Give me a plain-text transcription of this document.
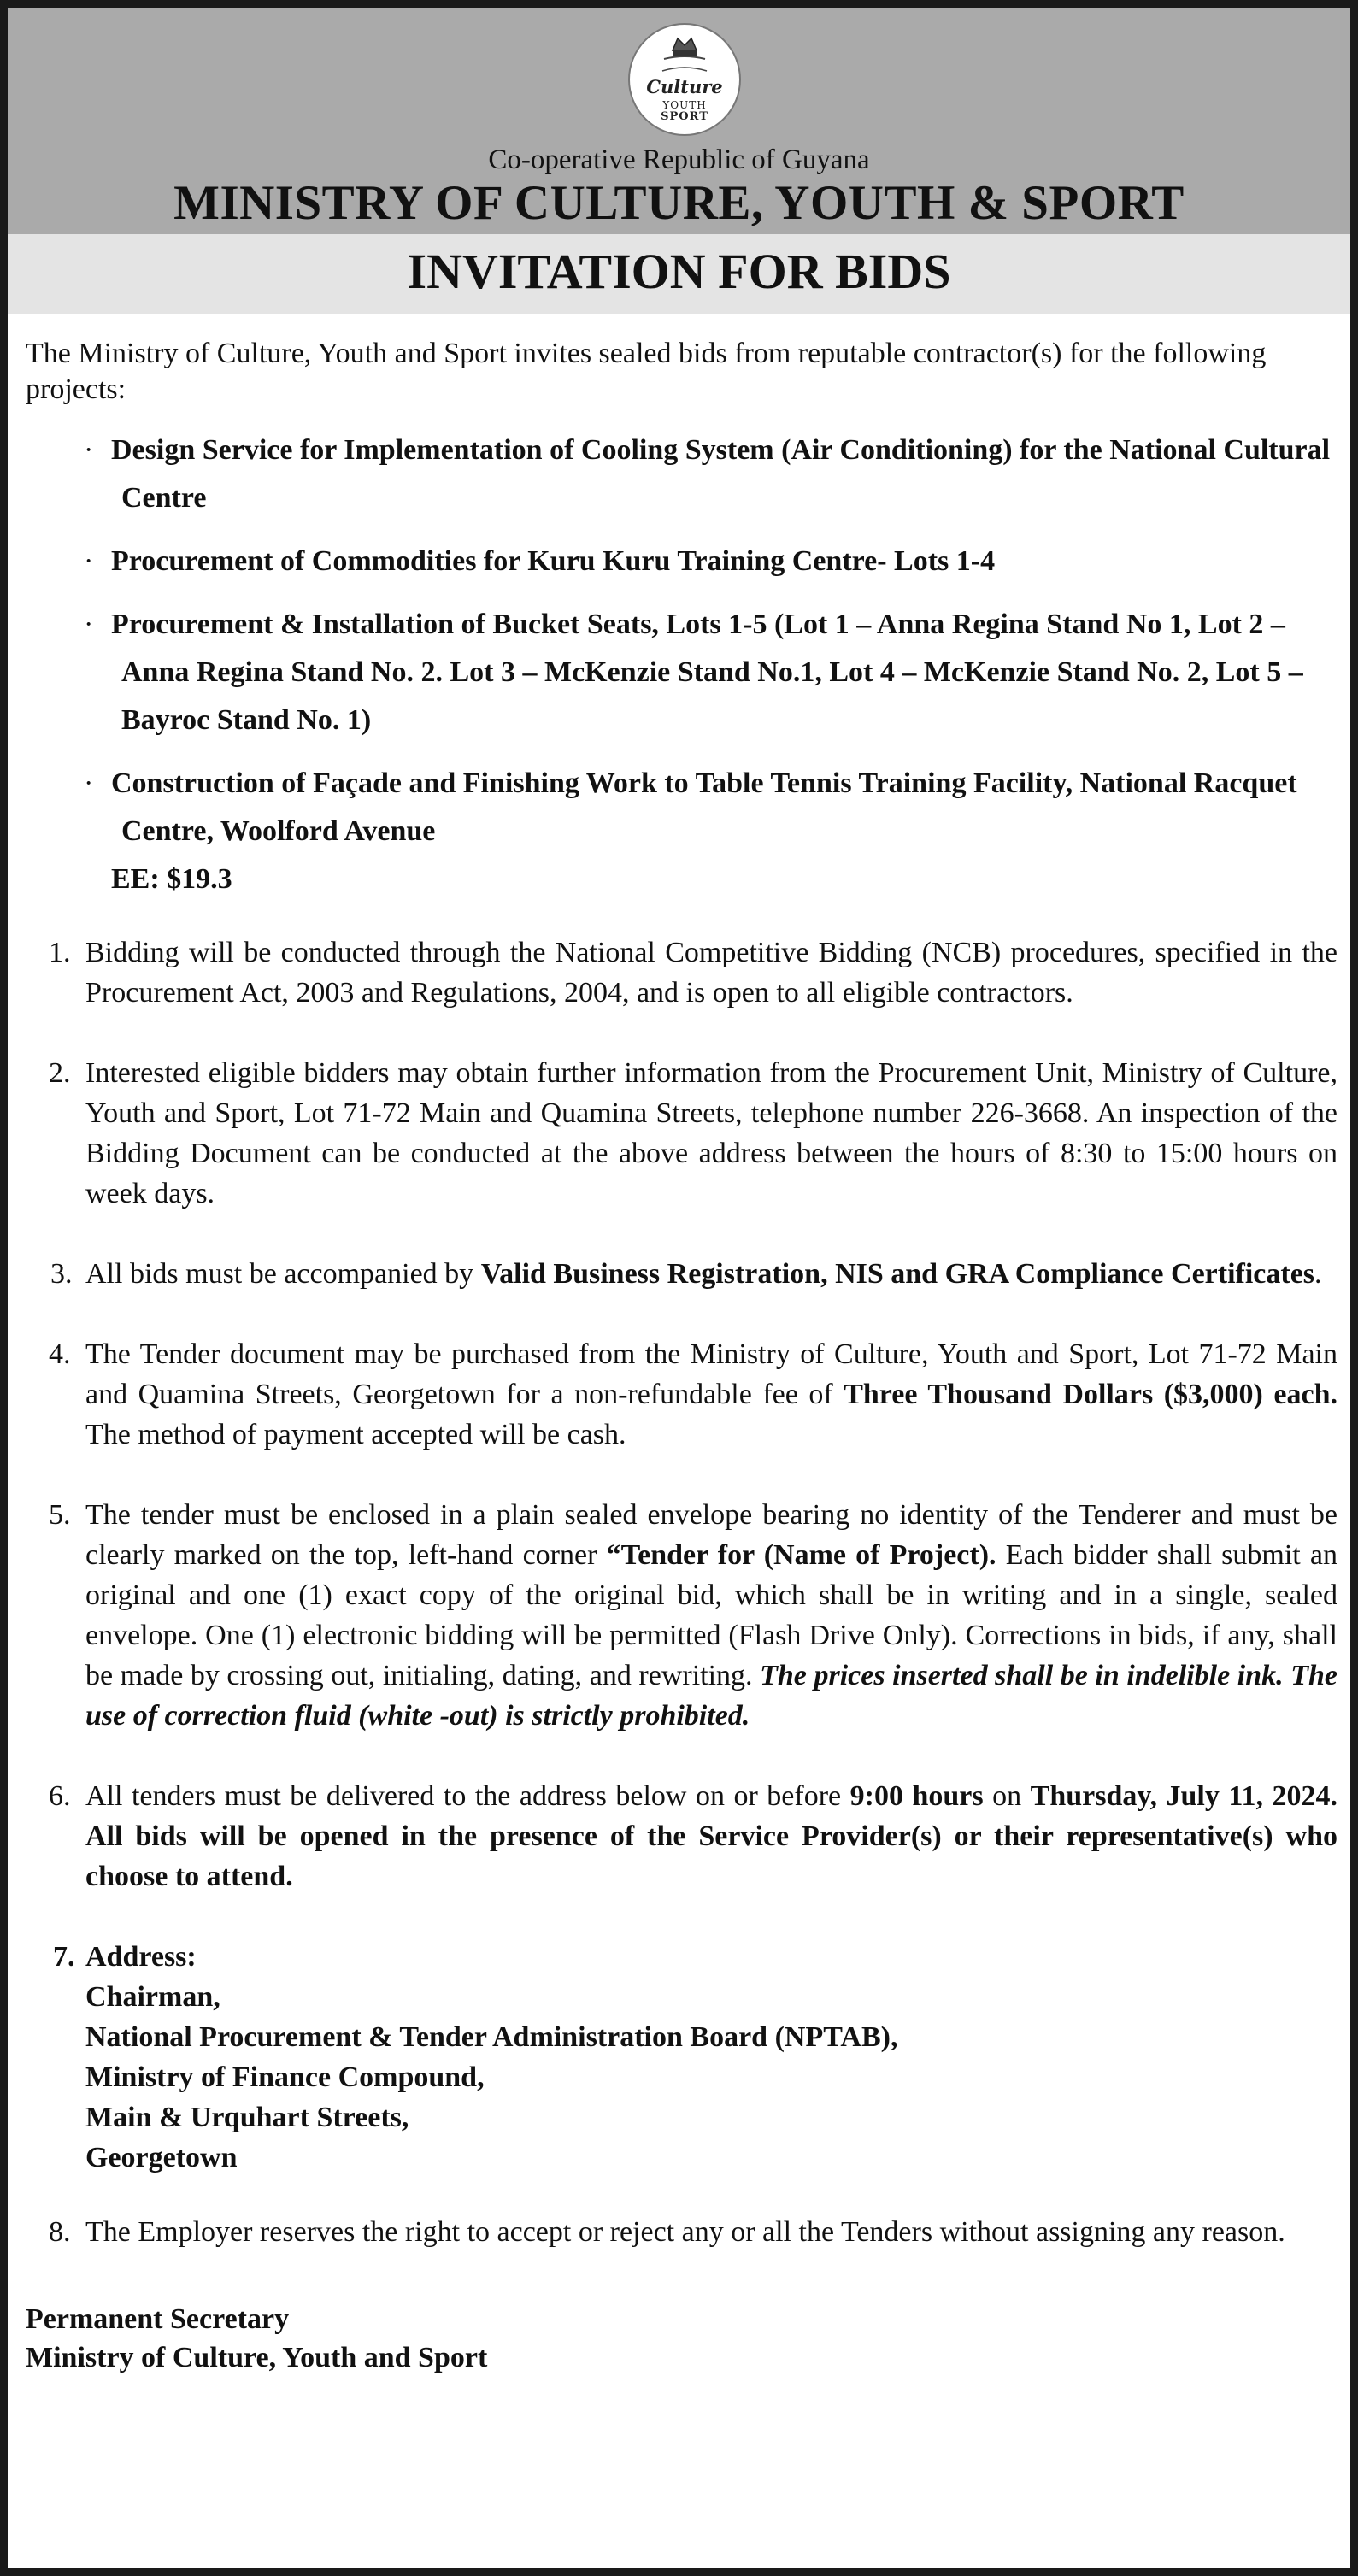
Culture
YOUTH
SPORT
Co-operative Republic of Guyana
MINISTRY OF CULTURE, YOUTH & SPORT
INVITATION FOR BIDS

The Ministry of Culture, Youth and Sport invites sealed bids from reputable contractor(s) for the following projects:

· Design Service for Implementation of Cooling System (Air Conditioning) for the National Cultural Centre
· Procurement of Commodities for Kuru Kuru Training Centre- Lots 1-4
· Procurement & Installation of Bucket Seats, Lots 1-5 (Lot 1 – Anna Regina Stand No 1, Lot 2 – Anna Regina Stand No. 2. Lot 3 – McKenzie Stand No.1, Lot 4 – McKenzie Stand No. 2, Lot 5 – Bayroc Stand No. 1)
· Construction of Façade and Finishing Work to Table Tennis Training Facility, National Racquet Centre, Woolford Avenue
EE: $19.3
1. Bidding will be conducted through the National Competitive Bidding (NCB) procedures, specified in the Procurement Act, 2003 and Regulations, 2004, and is open to all eligible contractors.
2. Interested eligible bidders may obtain further information from the Procurement Unit, Ministry of Culture, Youth and Sport, Lot 71-72 Main and Quamina Streets, telephone number 226-3668. An inspection of the Bidding Document can be conducted at the above address between the hours of 8:30 to 15:00 hours on week days.
3. All bids must be accompanied by Valid Business Registration, NIS and GRA Compliance Certificates.
4. The Tender document may be purchased from the Ministry of Culture, Youth and Sport, Lot 71-72 Main and Quamina Streets, Georgetown for a non-refundable fee of Three Thousand Dollars ($3,000) each. The method of payment accepted will be cash.
5. The tender must be enclosed in a plain sealed envelope bearing no identity of the Tenderer and must be clearly marked on the top, left-hand corner “Tender for (Name of Project). Each bidder shall submit an original and one (1) exact copy of the original bid, which shall be in writing and in a single, sealed envelope. One (1) electronic bidding will be permitted (Flash Drive Only). Corrections in bids, if any, shall be made by crossing out, initialing, dating, and rewriting. The prices inserted shall be in indelible ink. The use of correction fluid (white -out) is strictly prohibited.
6. All tenders must be delivered to the address below on or before 9:00 hours on Thursday, July 11, 2024. All bids will be opened in the presence of the Service Provider(s) or their representative(s) who choose to attend.
7. Address:
Chairman,
National Procurement & Tender Administration Board (NPTAB),
Ministry of Finance Compound,
Main & Urquhart Streets,
Georgetown
8. The Employer reserves the right to accept or reject any or all the Tenders without assigning any reason.
Permanent Secretary
Ministry of Culture, Youth and Sport
